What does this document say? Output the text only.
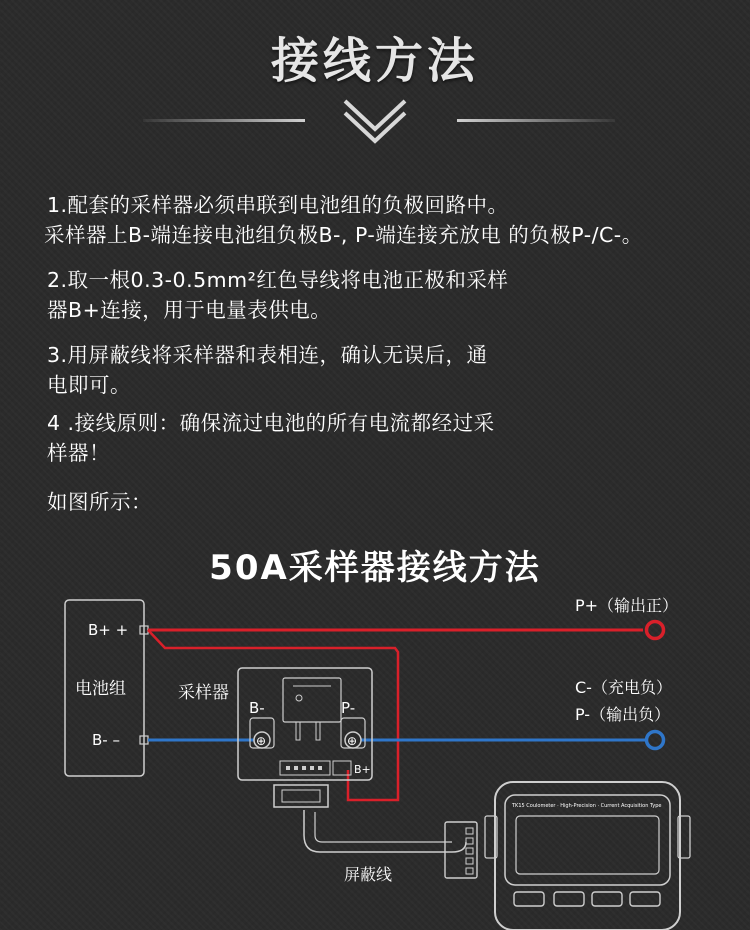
接线方法
1.配套的采样器必须串联到电池组的负极回路中。
采样器上B-端连接电池组负极B-, P-端连接充放电 的负极P-/C-。
2.取一根0.3-0.5mm²红色导线将电池正极和采样
器B+连接，用于电量表供电。
3.用屏蔽线将采样器和表相连，确认无误后，通
电即可。
4 .接线原则：确保流过电池的所有电流都经过采
样器！
如图所示：
50A采样器接线方法
电池组
B+ +
B- –
P+（输出正）
C-（充电负）
P-（输出负）
采样器
B-	P-
⊕	⊕
B+
屏蔽线
TK15 Coulometer · High-Precision · Current Acquisition Type
